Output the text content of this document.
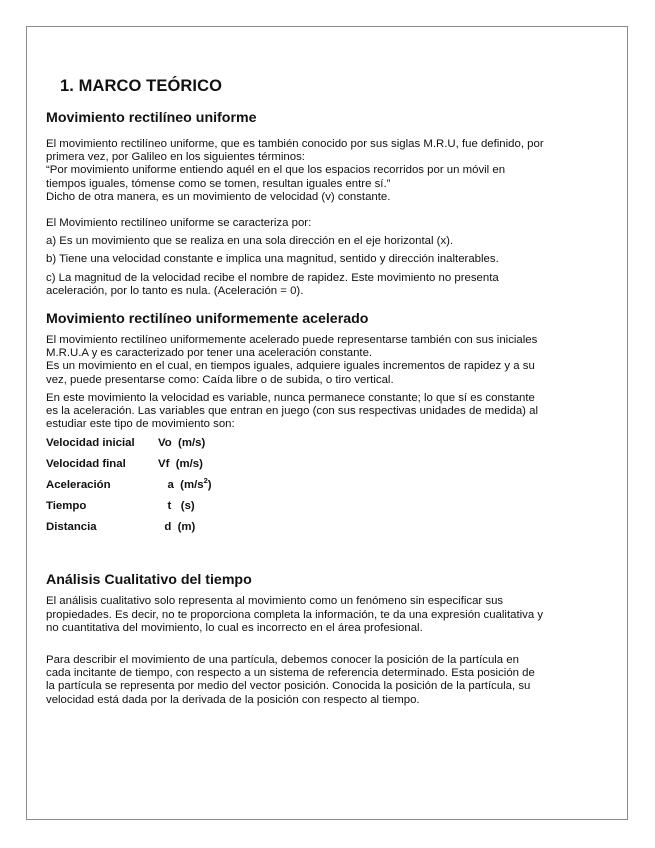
1. MARCO TEÓRICO
Movimiento rectilíneo uniforme

El movimiento rectilíneo uniforme, que es también conocido por sus siglas M.R.U, fue definido, por
primera vez, por Galileo en los siguientes términos:
“Por movimiento uniforme entiendo aquél en el que los espacios recorridos por un móvil en
tiempos iguales, tómense como se tomen, resultan iguales entre sí.”
Dicho de otra manera, es un movimiento de velocidad (v) constante.

El Movimiento rectilíneo uniforme se caracteriza por:

a) Es un movimiento que se realiza en una sola dirección en el eje horizontal (x).

b) Tiene una velocidad constante e implica una magnitud, sentido y dirección inalterables.

c) La magnitud de la velocidad recibe el nombre de rapidez. Este movimiento no presenta
aceleración, por lo tanto es nula. (Aceleración = 0).

Movimiento rectilíneo uniformemente acelerado

El movimiento rectilíneo uniformemente acelerado puede representarse también con sus iniciales
M.R.U.A y es caracterizado por tener una aceleración constante.
Es un movimiento en el cual, en tiempos iguales, adquiere iguales incrementos de rapidez y a su
vez, puede presentarse como: Caída libre o de subida, o tiro vertical.

En este movimiento la velocidad es variable, nunca permanece constante; lo que sí es constante
es la aceleración. Las variables que entran en juego (con sus respectivas unidades de medida) al
estudiar este tipo de movimiento son:

Velocidad inicial	Vo  (m/s)
Velocidad final	Vf  (m/s)
Aceleración	a  $(m/s^2)$
Tiempo	t   (s)
Distancia	d  (m)
Análisis Cualitativo del tiempo

El análisis cualitativo solo representa al movimiento como un fenómeno sin especificar sus
propiedades. Es decir, no te proporciona completa la información, te da una expresión cualitativa y
no cuantitativa del movimiento, lo cual es incorrecto en el área profesional.

Para describir el movimiento de una partícula, debemos conocer la posición de la partícula en
cada incitante de tiempo, con respecto a un sistema de referencia determinado. Esta posición de
la partícula se representa por medio del vector posición. Conocida la posición de la partícula, su
velocidad está dada por la derivada de la posición con respecto al tiempo.
